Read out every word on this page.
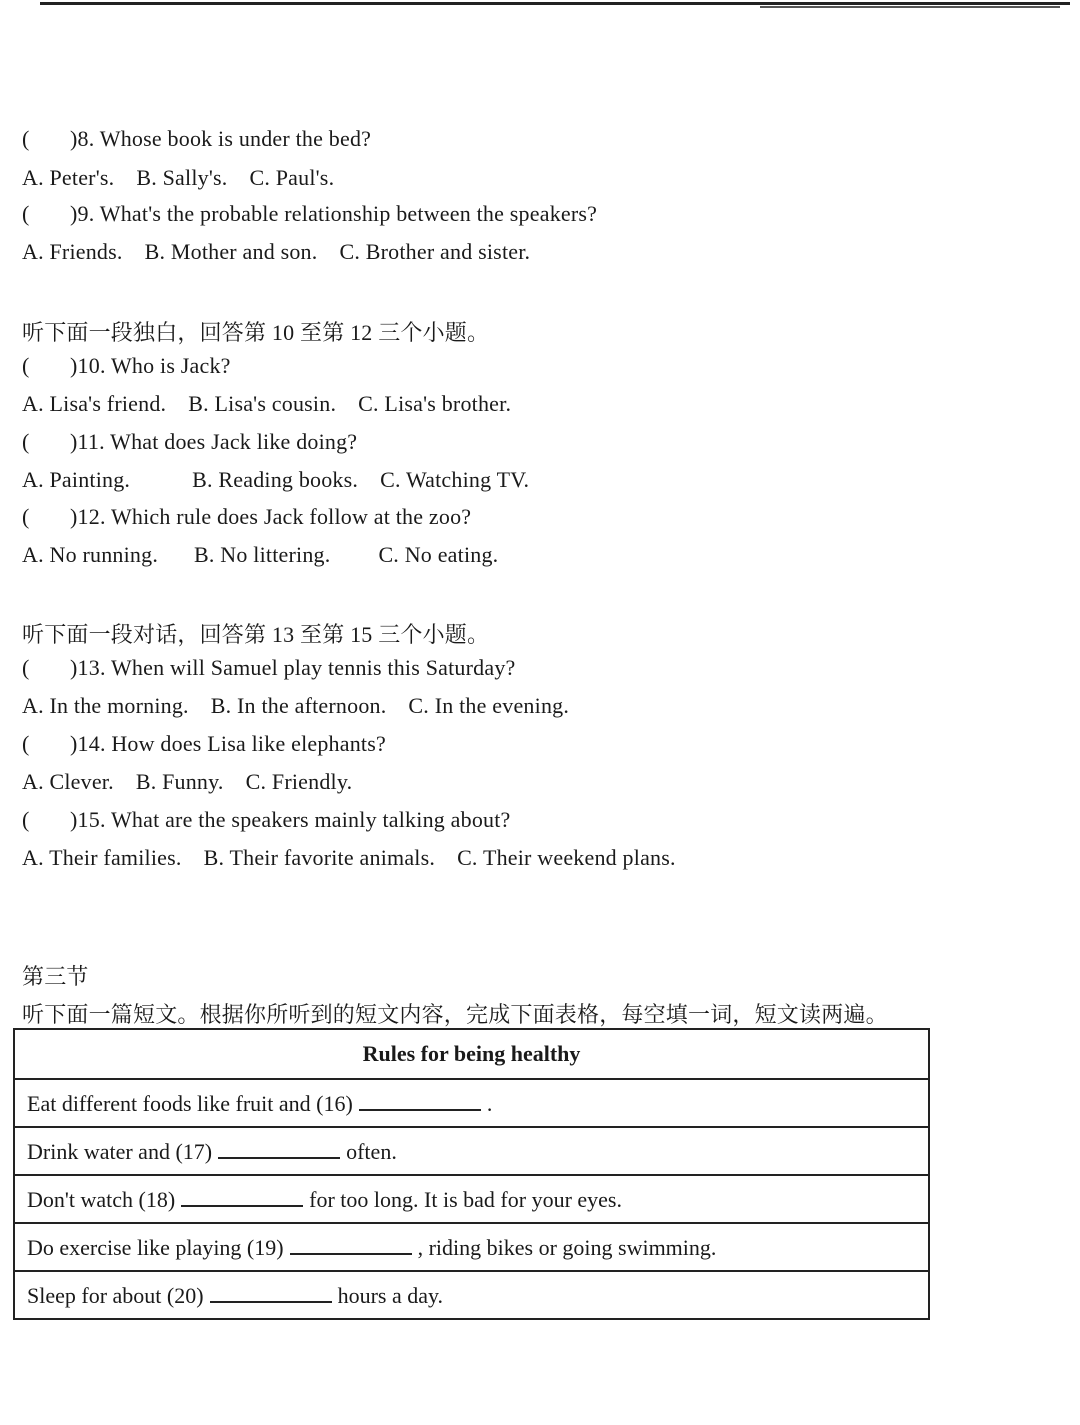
( )8. Whose book is under the bed?
A. Peter's. B. Sally's. C. Paul's.
( )9. What's the probable relationship between the speakers?
A. Friends. B. Mother and son. C. Brother and sister.
听下面一段独白，回答第 10 至第 12 三个小题。
( )10. Who is Jack?
A. Lisa's friend. B. Lisa's cousin. C. Lisa's brother.
( )11. What does Jack like doing?
A. Painting.	B. Reading books. C. Watching TV.
( )12. Which rule does Jack follow at the zoo?
A. No running. B. No littering. C. No eating.
听下面一段对话，回答第 13 至第 15 三个小题。
( )13. When will Samuel play tennis this Saturday?
A. In the morning. B. In the afternoon. C. In the evening.
( )14. How does Lisa like elephants?
A. Clever. B. Funny. C. Friendly.
( )15. What are the speakers mainly talking about?
A. Their families. B. Their favorite animals. C. Their weekend plans.
第三节
听下面一篇短文。根据你所听到的短文内容，完成下面表格，每空填一词，短文读两遍。
Rules for being healthy
Eat different foods like fruit and (16)	.
Drink water and (17)	often.
Don't watch (18)	for too long. It is bad for your eyes.
Do exercise like playing (19)	, riding bikes or going swimming.
Sleep for about (20)	hours a day.
